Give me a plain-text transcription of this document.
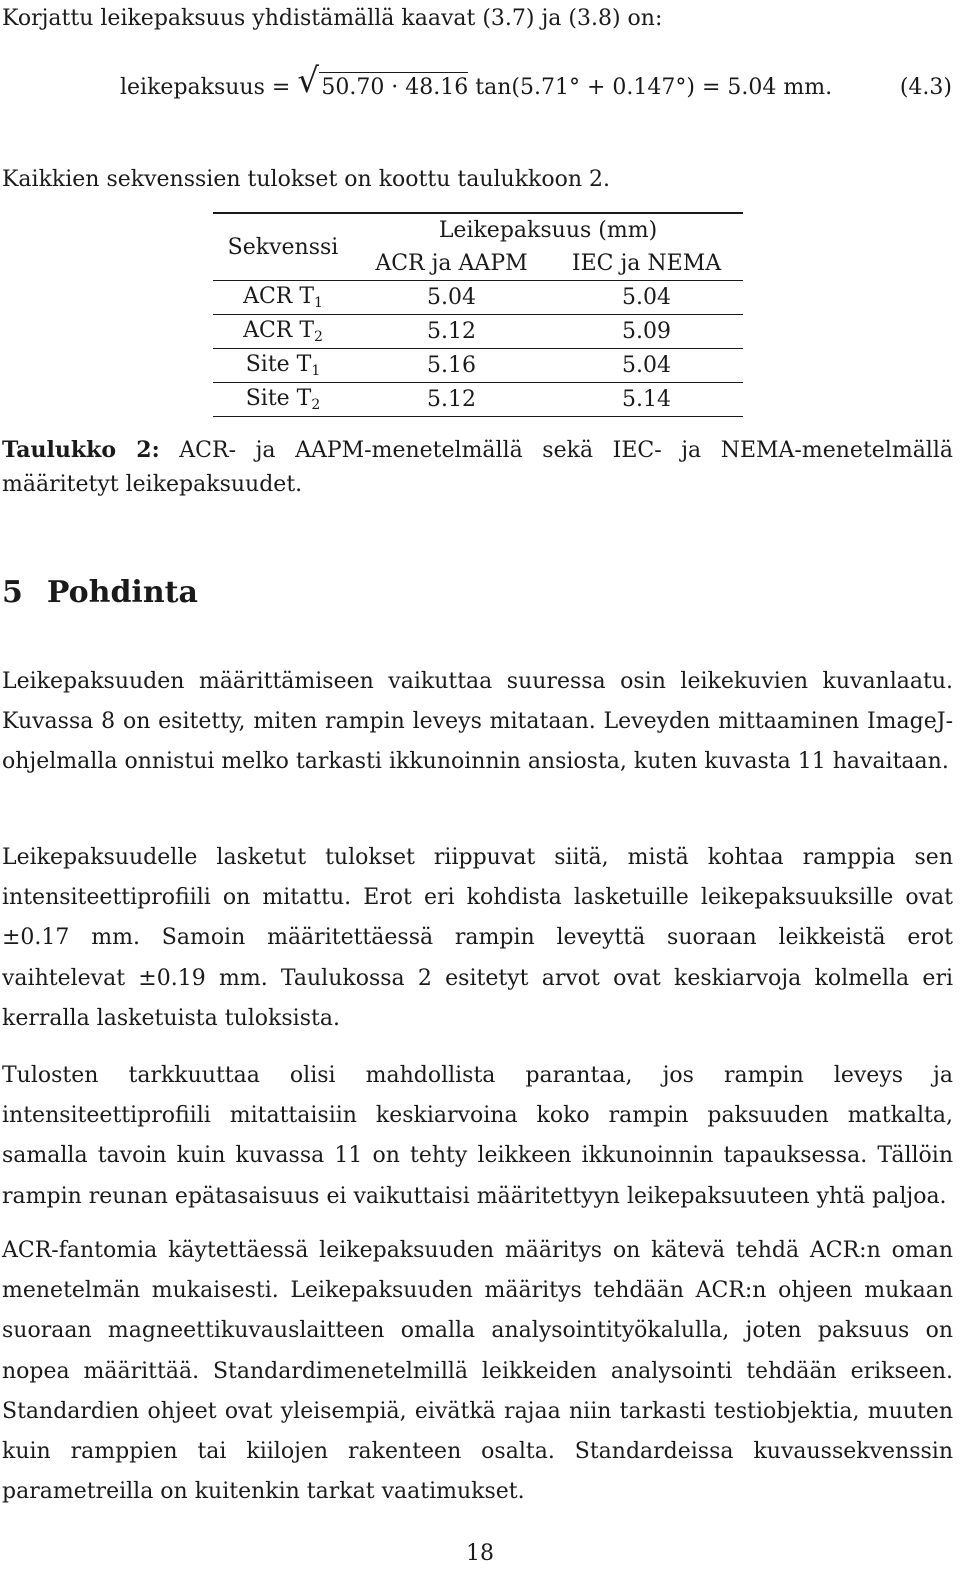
Korjattu leikepaksuus yhdistämällä kaavat (3.7) ja (3.8) on:
leikepaksuus = √ 50.70 · 48.16 tan(5.71° + 0.147°) = 5.04 mm.	(4.3)
Kaikkien sekvenssien tulokset on koottu taulukkoon 2.
Sekvenssi	Leikepaksuus (mm)	
	ACR ja AAPM	IEC ja NEMA
ACR $T_1$	5.04	5.04
ACR $T_2$	5.12	5.09
Site $T_1$	5.16	5.04
Site $T_2$	5.12	5.14
Taulukko 2: ACR- ja AAPM-menetelmällä sekä IEC- ja NEMA-menetelmällä määritetyt leikepaksuudet.
5 Pohdinta

Leikepaksuuden määrittämiseen vaikuttaa suuressa osin leikekuvien kuvanlaatu. Kuvassa 8 on esitetty, miten rampin leveys mitataan. Leveyden mittaaminen ImageJ-ohjelmalla onnistui melko tarkasti ikkunoinnin ansiosta, kuten kuvasta 11 havaitaan.

Leikepaksuudelle lasketut tulokset riippuvat siitä, mistä kohtaa ramppia sen intensiteettiprofiili on mitattu. Erot eri kohdista lasketuille leikepaksuuksille ovat ±0.17 mm. Samoin määritettäessä rampin leveyttä suoraan leikkeistä erot vaihtelevat ±0.19 mm. Taulukossa 2 esitetyt arvot ovat keskiarvoja kolmella eri kerralla lasketuista tuloksista.

Tulosten tarkkuuttaa olisi mahdollista parantaa, jos rampin leveys ja intensiteettiprofiili mitattaisiin keskiarvoina koko rampin paksuuden matkalta, samalla tavoin kuin kuvassa 11 on tehty leikkeen ikkunoinnin tapauksessa. Tällöin rampin reunan epätasaisuus ei vaikuttaisi määritettyyn leikepaksuuteen yhtä paljoa.

ACR-fantomia käytettäessä leikepaksuuden määritys on kätevä tehdä ACR:n oman menetelmän mukaisesti. Leikepaksuuden määritys tehdään ACR:n ohjeen mukaan suoraan magneettikuvauslaitteen omalla analysointityökalulla, joten paksuus on nopea määrittää. Standardimenetelmillä leikkeiden analysointi tehdään erikseen. Standardien ohjeet ovat yleisempiä, eivätkä rajaa niin tarkasti testiobjektia, muuten kuin ramppien tai kiilojen rakenteen osalta. Standardeissa kuvaussekvenssin parametreilla on kuitenkin tarkat vaatimukset.

18
